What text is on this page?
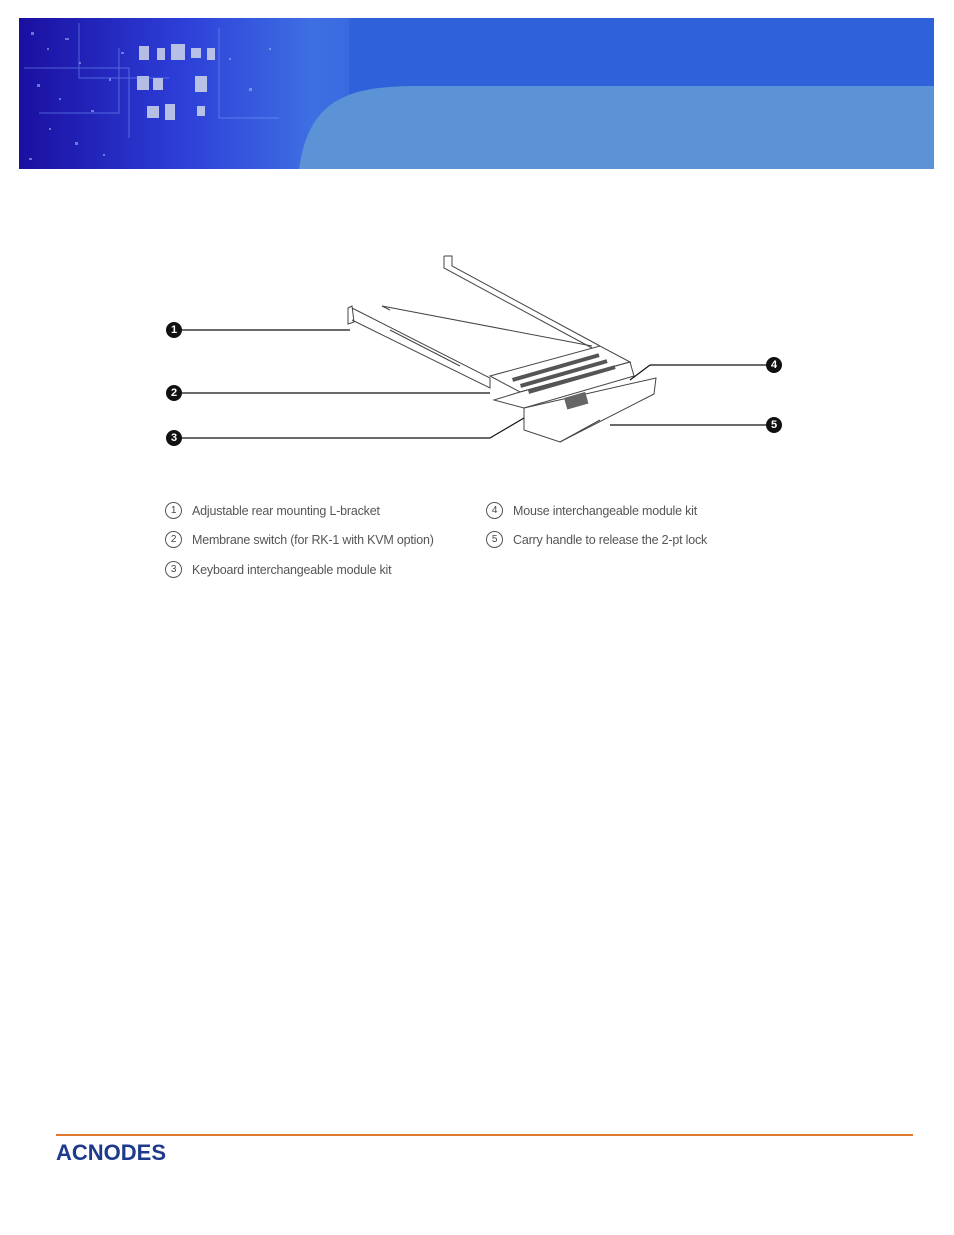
1
2
3
4
5
1	Adjustable rear mounting L-bracket
2	Membrane switch (for RK-1 with KVM option)
3	Keyboard interchangeable module kit
4	Mouse interchangeable module kit
5	Carry handle to release the 2-pt lock
ACNODES
